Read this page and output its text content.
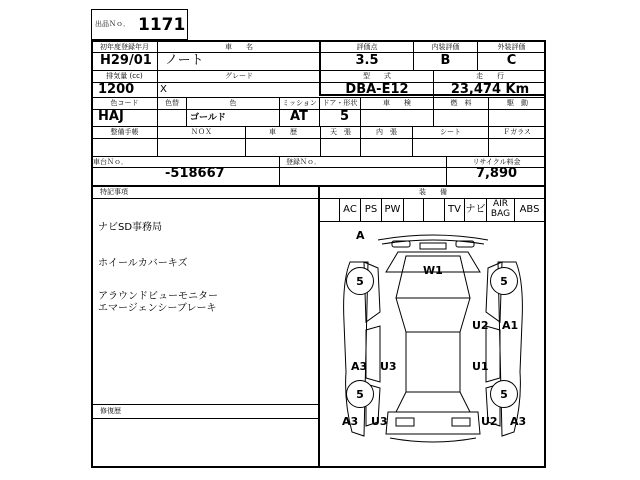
出品Ｎｏ． 1171
初年度登録年月
H29/01
車　　名
ノート
評価点
3.5
内装評価
B
外装評価
C
排気量 (cc)
1200
グレード
X
型　　式
DBA-E12
走　　行
23,474 Km
色コード
HAJ
色替	色
ゴールド
ミッション
AT
ドア・形状
5
車　　検	燃　料	駆　動
整備手帳	ＮＯＸ	車　　歴	天　張	内　張	シート	Ｆガラス
車台Ｎｏ．
-518667
登録Ｎｏ．	リサイクル料金
7,890
特記事項
ナビSD事務局
ホイールカバーキズ
アラウンドビューモニター
エマージェンシーブレーキ
修復歴
装　　備
AC PS PW	TV ナビ AIR BAG ABS
5	5
5	5
A
W1
U2 A1
A3 U3	U1
A3 U3	U2 A3
